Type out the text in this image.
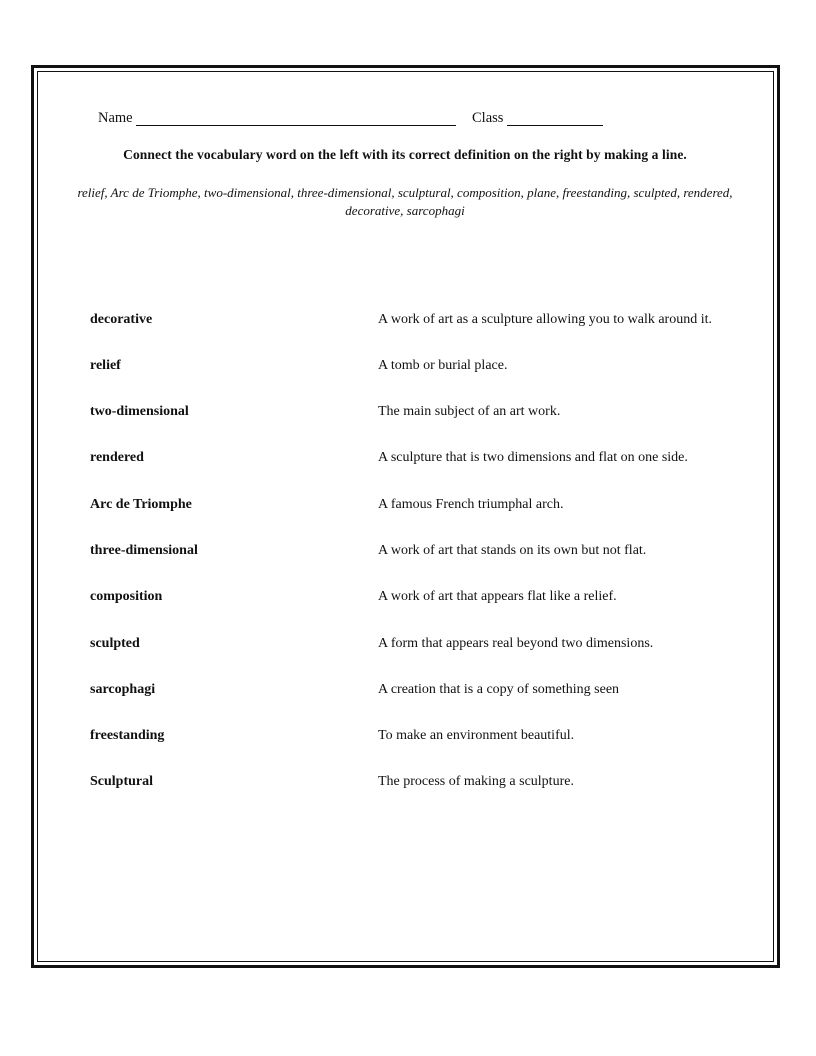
Name	Class
Connect the vocabulary word on the left with its correct definition on the right by making a line.
relief, Arc de Triomphe, two-dimensional, three-dimensional, sculptural, composition, plane, freestanding, sculpted, rendered, decorative, sarcophagi
decorative	A work of art as a sculpture allowing you to walk around it.
relief	A tomb or burial place.
two-dimensional	The main subject of an art work.
rendered	A sculpture that is two dimensions and flat on one side.
Arc de Triomphe	A famous French triumphal arch.
three-dimensional	A work of art that stands on its own but not flat.
composition	A work of art that appears flat like a relief.
sculpted	A form that appears real beyond two dimensions.
sarcophagi	A creation that is a copy of something seen
freestanding	To make an environment beautiful.
Sculptural	The process of making a sculpture.
